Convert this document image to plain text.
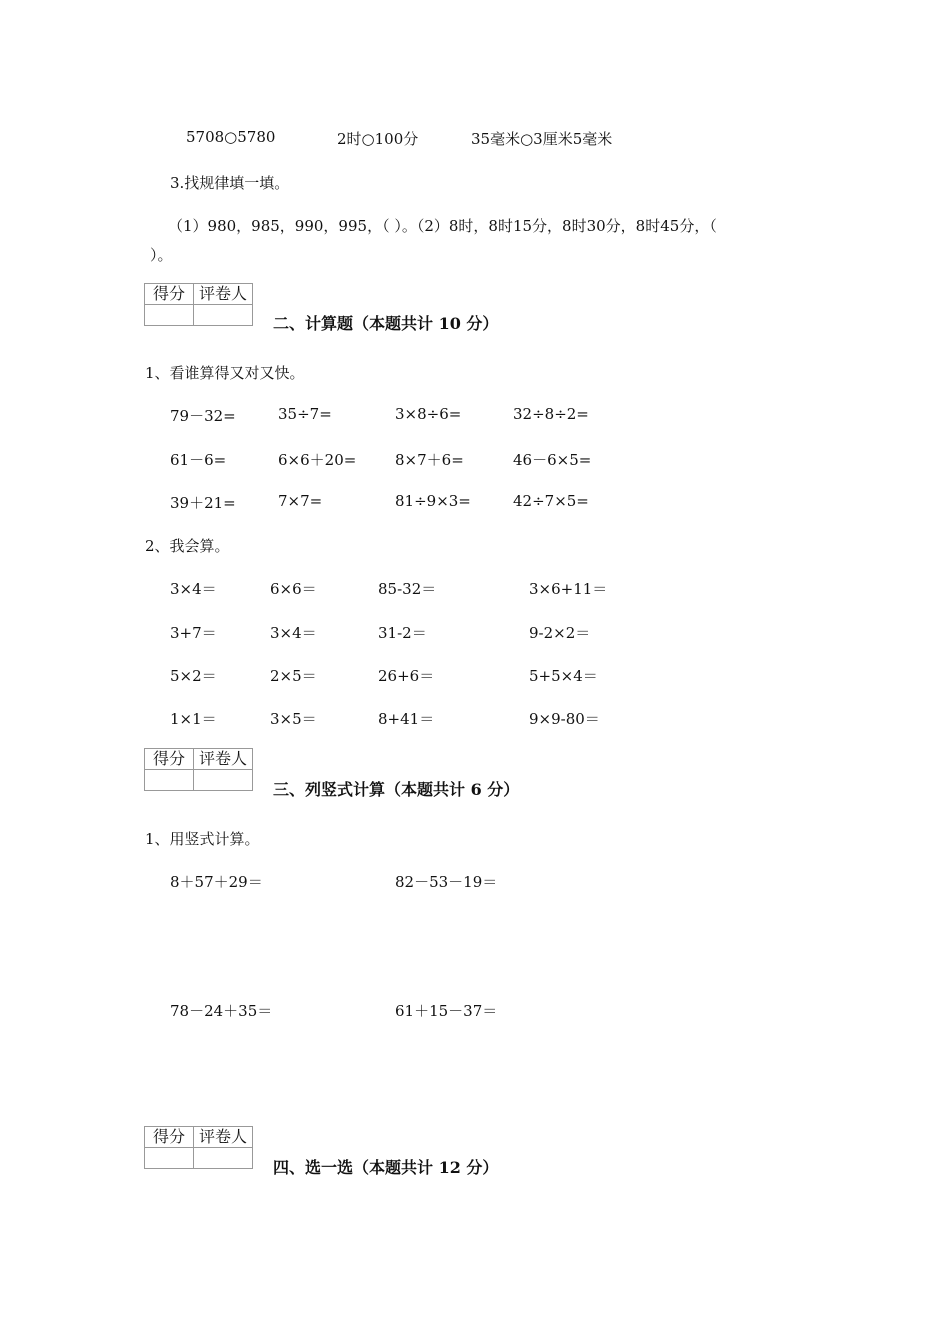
5708○5780	2时○100分	35毫米○3厘米5毫米
3.找规律填一填。
（1）980，985，990，995，（ ）。（2）8时，8时15分，8时30分，8时45分，（
）。
得分	评卷人

二、计算题（本题共计 10 分）
1、看谁算得又对又快。
79－32=	35÷7=	3×8÷6=	32÷8÷2=
61－6=	6×6＋20=	8×7＋6=	46－6×5=
39＋21=	7×7=	81÷9×3=	42÷7×5=
2、我会算。
3×4＝	6×6＝	85-32＝	3×6+11＝
3+7＝	3×4＝	31-2＝	9-2×2＝
5×2＝	2×5＝	26+6＝	5+5×4＝
1×1＝	3×5＝	8+41＝	9×9-80＝
得分	评卷人

三、列竖式计算（本题共计 6 分）
1、用竖式计算。
8＋57＋29＝	82－53－19＝
78－24＋35＝	61＋15－37＝
得分	评卷人

四、选一选（本题共计 12 分）
